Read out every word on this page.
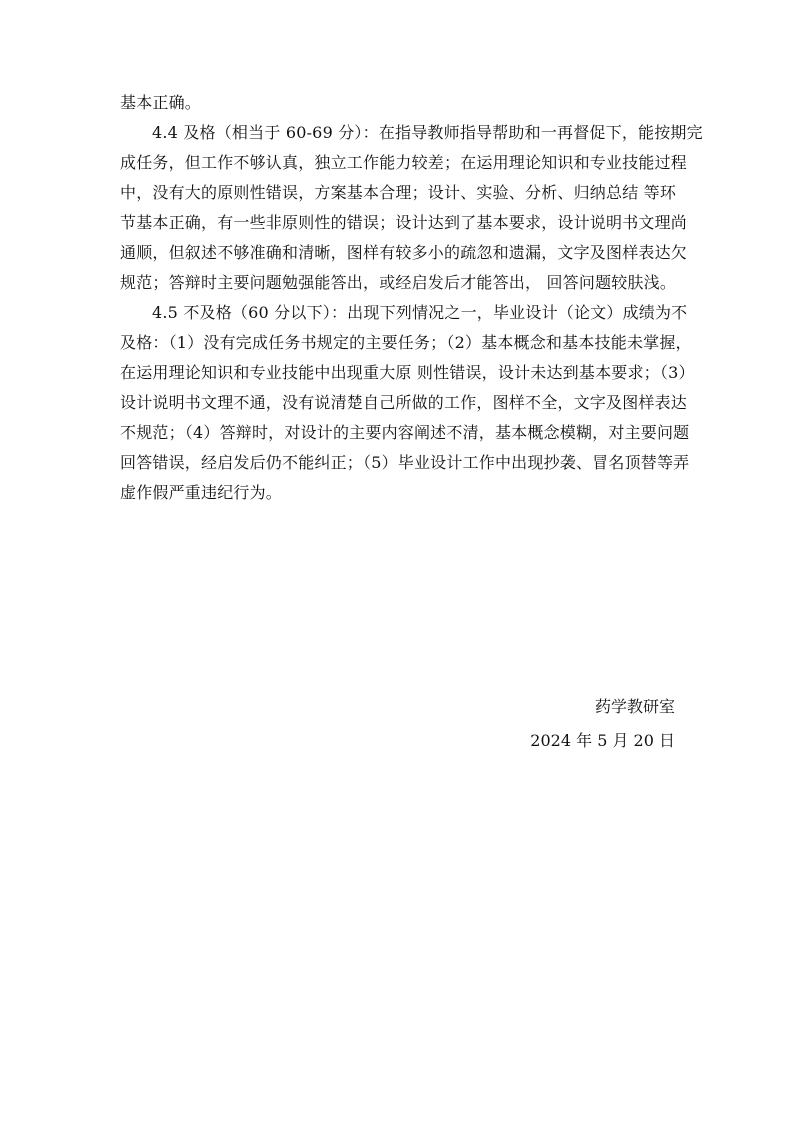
基本正确。

4.4 及格（相当于 60-69 分）：在指导教师指导帮助和一再督促下，能按期完
成任务，但工作不够认真，独立工作能力较差；在运用理论知识和专业技能过程
中，没有大的原则性错误，方案基本合理；设计、实验、分析、归纳总结 等环
节基本正确，有一些非原则性的错误；设计达到了基本要求，设计说明书文理尚
通顺，但叙述不够准确和清晰，图样有较多小的疏忽和遗漏，文字及图样表达欠
规范；答辩时主要问题勉强能答出，或经启发后才能答出， 回答问题较肤浅。

4.5 不及格（60 分以下）：出现下列情况之一，毕业设计（论文）成绩为不
及格：（1）没有完成任务书规定的主要任务；（2）基本概念和基本技能未掌握，
在运用理论知识和专业技能中出现重大原 则性错误，设计未达到基本要求；（3）
设计说明书文理不通，没有说清楚自己所做的工作，图样不全，文字及图样表达
不规范；（4）答辩时，对设计的主要内容阐述不清，基本概念模糊，对主要问题
回答错误，经启发后仍不能纠正；（5）毕业设计工作中出现抄袭、冒名顶替等弄
虚作假严重违纪行为。

药学教研室
2024 年 5 月 20 日
